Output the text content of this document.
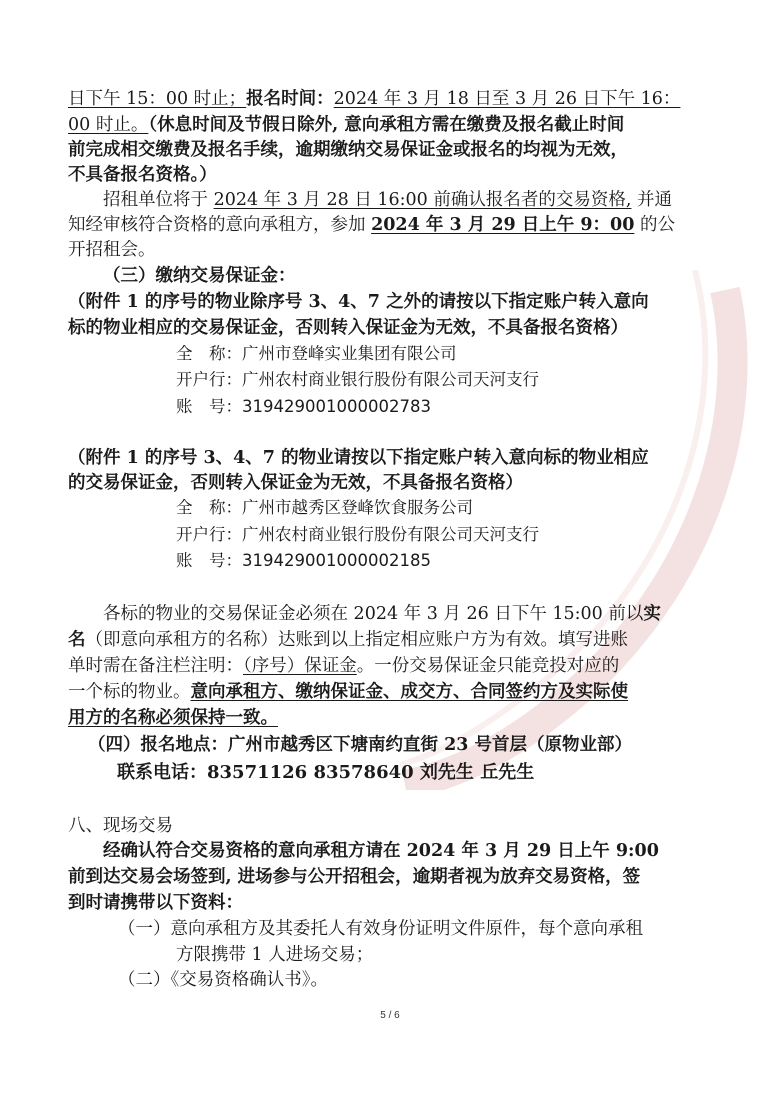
日下午 15：00 时止；报名时间：2024 年 3 月 18 日至 3 月 26 日下午 16：
00 时止。（休息时间及节假日除外, 意向承租方需在缴费及报名截止时间
前完成相交缴费及报名手续，逾期缴纳交易保证金或报名的均视为无效，
不具备报名资格。）
招租单位将于 2024 年 3 月 28 日 16:00 前确认报名者的交易资格, 并通
知经审核符合资格的意向承租方，参加 2024 年 3 月 29 日上午 9：00 的公
开招租会。
（三）缴纳交易保证金：
（附件 1 的序号的物业除序号 3、4、7 之外的请按以下指定账户转入意向
标的物业相应的交易保证金，否则转入保证金为无效，不具备报名资格）
全　称：广州市登峰实业集团有限公司
开户行：广州农村商业银行股份有限公司天河支行
账　号：319429001000002783
（附件 1 的序号 3、4、7 的物业请按以下指定账户转入意向标的物业相应
的交易保证金，否则转入保证金为无效，不具备报名资格）
全　称：广州市越秀区登峰饮食服务公司
开户行：广州农村商业银行股份有限公司天河支行
账　号：319429001000002185
各标的物业的交易保证金必须在 2024 年 3 月 26 日下午 15:00 前以实
名（即意向承租方的名称）达账到以上指定相应账户方为有效。填写进账
单时需在备注栏注明：（序号）保证金。一份交易保证金只能竞投对应的
一个标的物业。意向承租方、缴纳保证金、成交方、合同签约方及实际使
用方的名称必须保持一致。
（四）报名地点：广州市越秀区下塘南约直街 23 号首层（原物业部）
联系电话：83571126 83578640 刘先生 丘先生
八、现场交易
经确认符合交易资格的意向承租方请在 2024 年 3 月 29 日上午 9:00
前到达交易会场签到, 进场参与公开招租会，逾期者视为放弃交易资格，签
到时请携带以下资料：
（一）意向承租方及其委托人有效身份证明文件原件，每个意向承租
方限携带 1 人进场交易；
（二）《交易资格确认书》。
5 / 6
